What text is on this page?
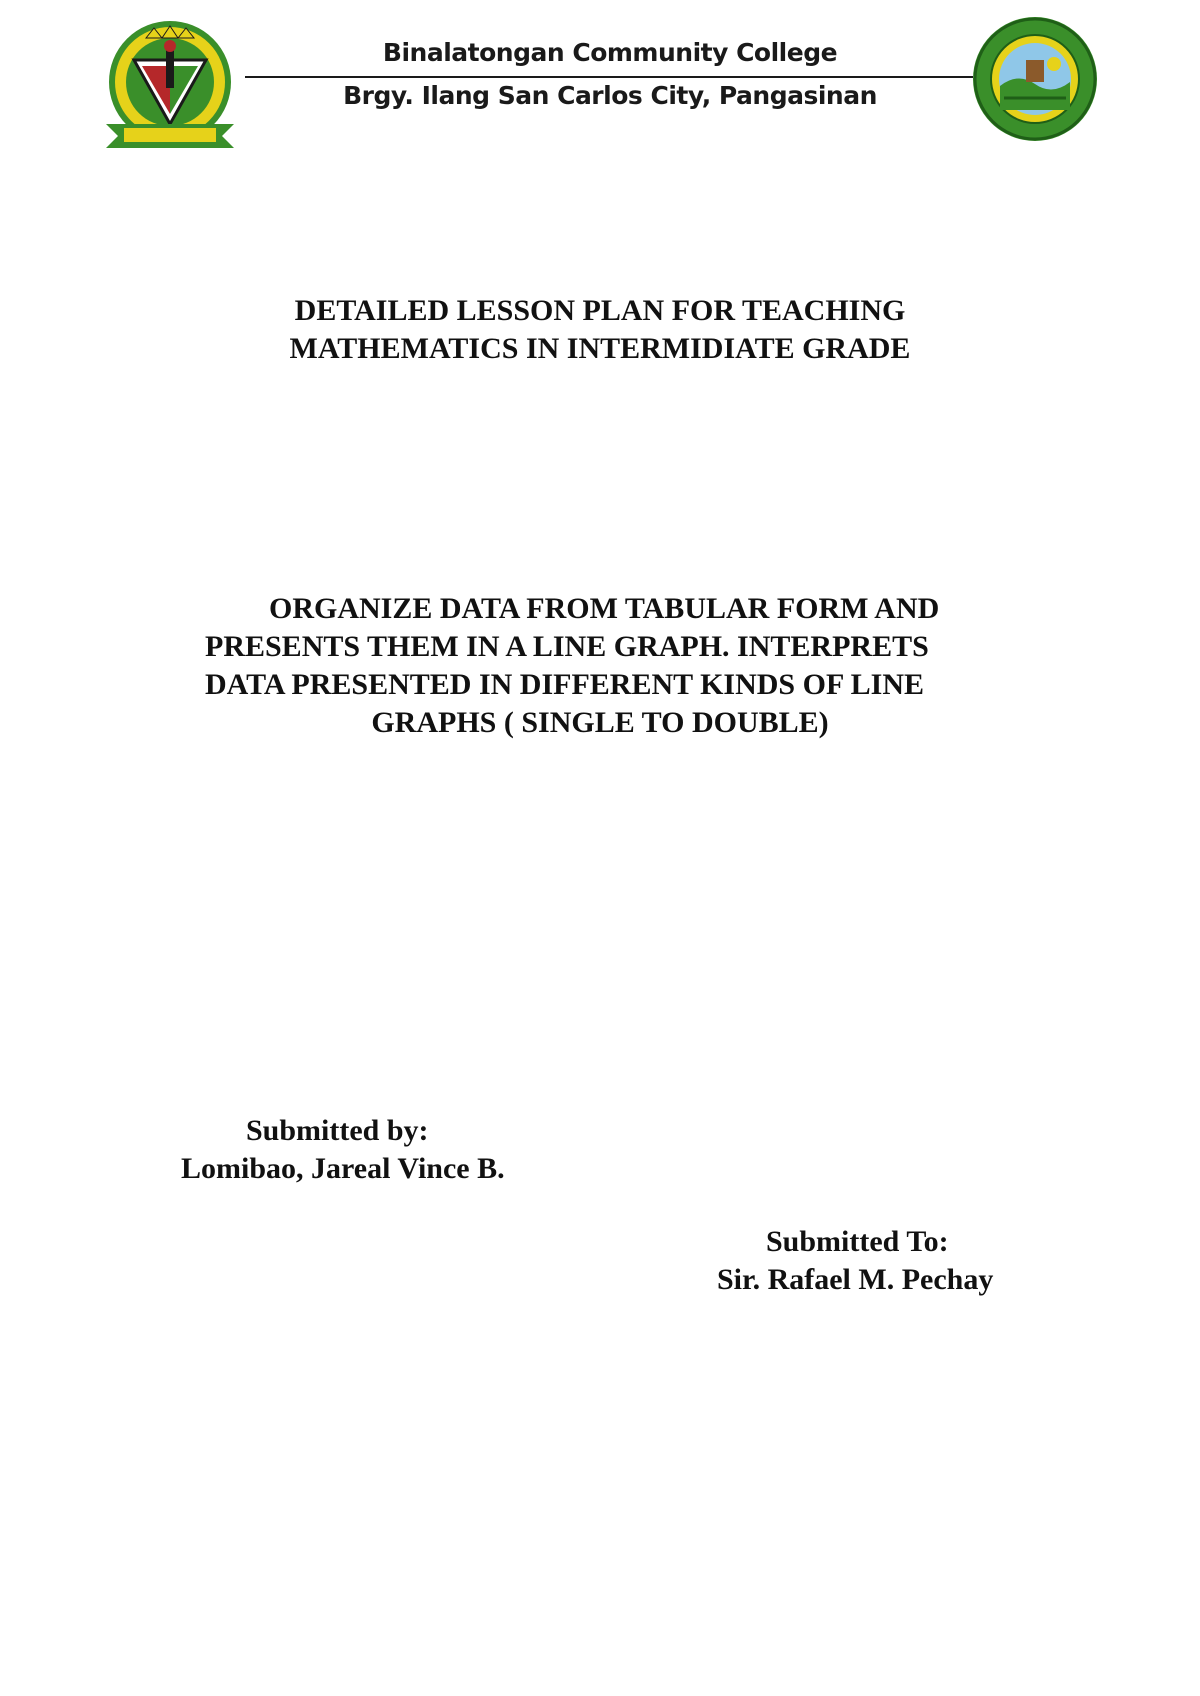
Binalatongan Community College
Brgy. Ilang San Carlos City, Pangasinan
DETAILED LESSON PLAN FOR TEACHING
MATHEMATICS IN INTERMIDIATE GRADE
ORGANIZE DATA FROM TABULAR FORM AND
PRESENTS THEM IN A LINE GRAPH. INTERPRETS
DATA PRESENTED IN DIFFERENT KINDS OF LINE
GRAPHS ( SINGLE TO DOUBLE)
Submitted by:
Lomibao, Jareal Vince B.
Submitted To:
Sir. Rafael M. Pechay
